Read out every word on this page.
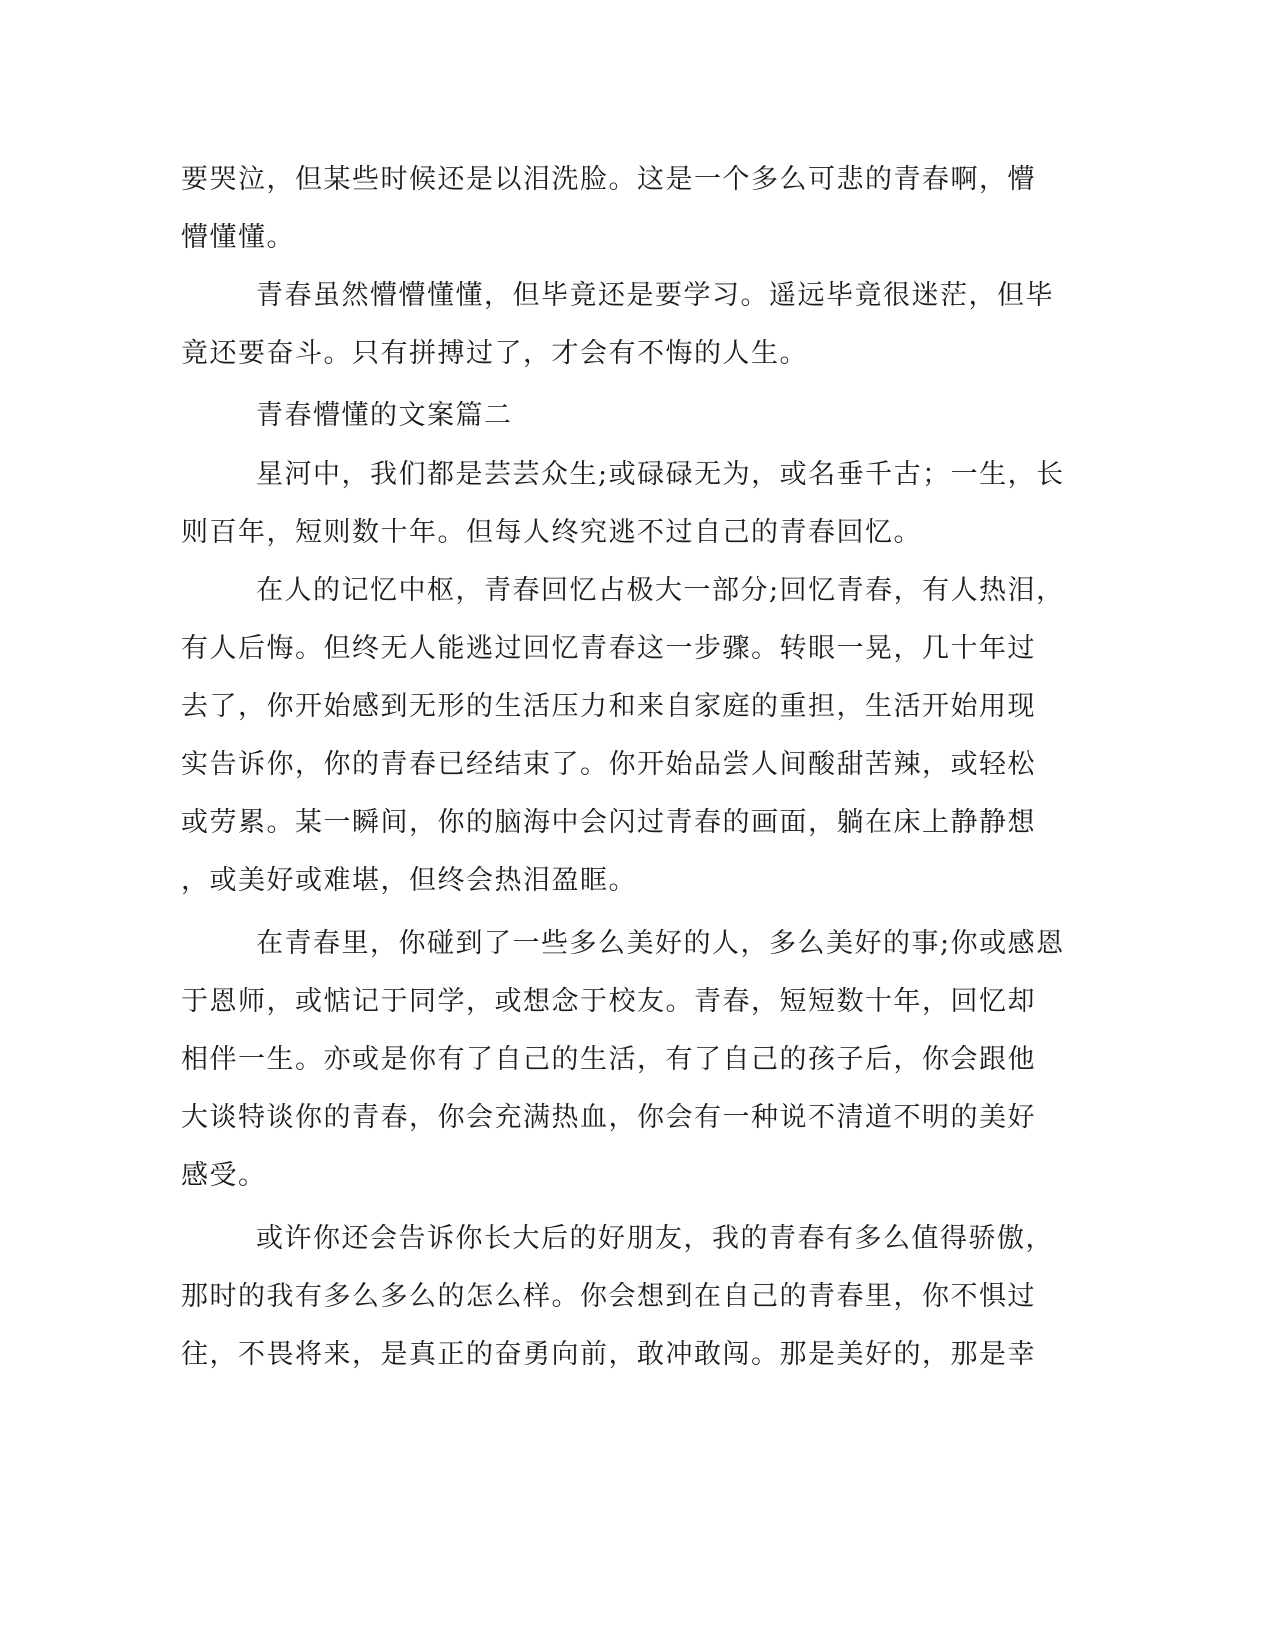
要哭泣，但某些时候还是以泪洗脸。这是一个多么可悲的青春啊，懵
懵懂懂。
青春虽然懵懵懂懂，但毕竟还是要学习。遥远毕竟很迷茫，但毕
竟还要奋斗。只有拼搏过了，才会有不悔的人生。
青春懵懂的文案篇二
星河中，我们都是芸芸众生;或碌碌无为，或名垂千古；一生，长
则百年，短则数十年。但每人终究逃不过自己的青春回忆。
在人的记忆中枢，青春回忆占极大一部分;回忆青春，有人热泪，
有人后悔。但终无人能逃过回忆青春这一步骤。转眼一晃，几十年过
去了，你开始感到无形的生活压力和来自家庭的重担，生活开始用现
实告诉你，你的青春已经结束了。你开始品尝人间酸甜苦辣，或轻松
或劳累。某一瞬间，你的脑海中会闪过青春的画面，躺在床上静静想
，或美好或难堪，但终会热泪盈眶。
在青春里，你碰到了一些多么美好的人，多么美好的事;你或感恩
于恩师，或惦记于同学，或想念于校友。青春，短短数十年，回忆却
相伴一生。亦或是你有了自己的生活，有了自己的孩子后，你会跟他
大谈特谈你的青春，你会充满热血，你会有一种说不清道不明的美好
感受。
或许你还会告诉你长大后的好朋友，我的青春有多么值得骄傲，
那时的我有多么多么的怎么样。你会想到在自己的青春里，你不惧过
往，不畏将来，是真正的奋勇向前，敢冲敢闯。那是美好的，那是幸
